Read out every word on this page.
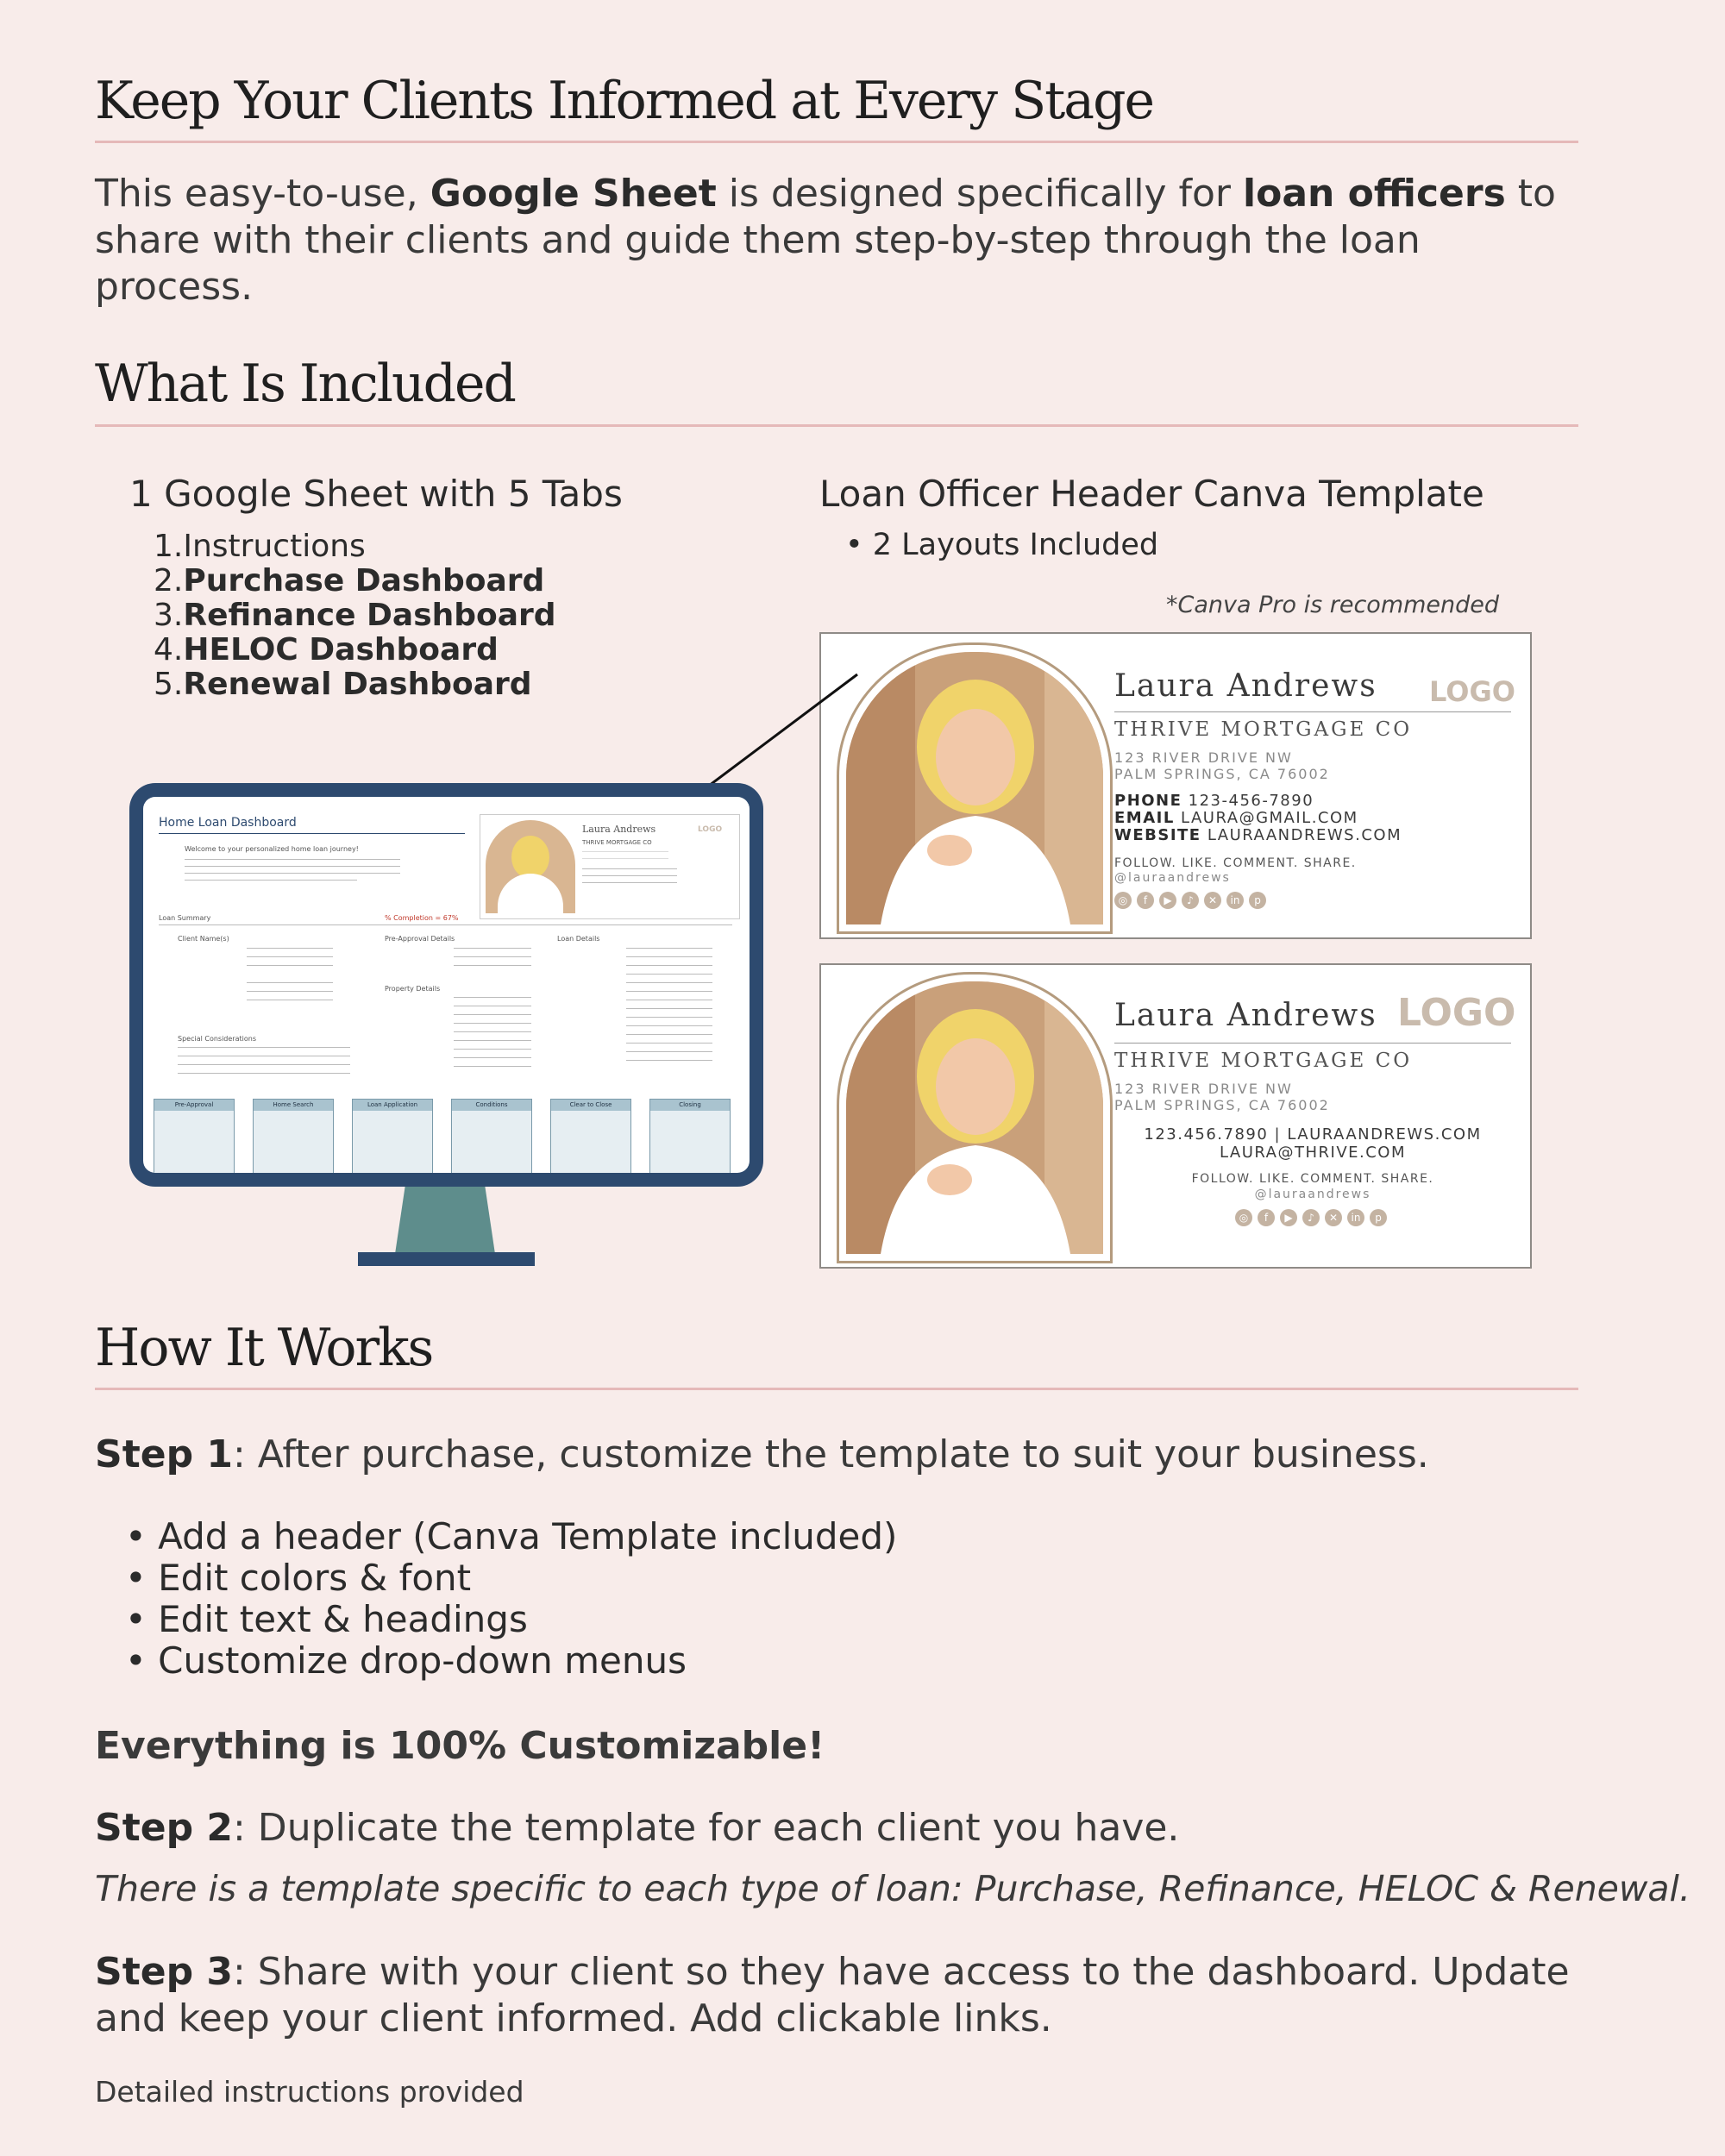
Keep Your Clients Informed at Every Stage
This easy-to-use, Google Sheet is designed specifically for loan officers to share with their clients and guide them step-by-step through the loan process.
What Is Included
1 Google Sheet with 5 Tabs
1.Instructions
2.Purchase Dashboard
3.Refinance Dashboard
4.HELOC Dashboard
5.Renewal Dashboard
Loan Officer Header Canva Template
• 2 Layouts Included
*Canva Pro is recommended
Laura Andrews LOGO
THRIVE MORTGAGE CO
123 RIVER DRIVE NW
PALM SPRINGS, CA 76002
PHONE 123-456-7890
EMAIL LAURA@GMAIL.COM
WEBSITE LAURAANDREWS.COM
FOLLOW. LIKE. COMMENT. SHARE.
@lauraandrews
◎ f ▶ ♪ ✕ in p
Laura Andrews LOGO
THRIVE MORTGAGE CO
123 RIVER DRIVE NW
PALM SPRINGS, CA 76002
123.456.7890 | LAURAANDREWS.COM
LAURA@THRIVE.COM
FOLLOW. LIKE. COMMENT. SHARE.
@lauraandrews
◎ f ▶ ♪ ✕ in p
Home Loan Dashboard
Welcome to your personalized home loan journey!
Laura Andrews	LOGO
THRIVE MORTGAGE CO
Loan Summary	% Completion = 67%
Client Name(s)	Pre-Approval Details	Loan Details
Property Details
Special Considerations
Pre-Approval	Home Search	Loan Application	Conditions	Clear to Close	Closing
How It Works
Step 1: After purchase, customize the template to suit your business.
• Add a header (Canva Template included)
• Edit colors & font
• Edit text & headings
• Customize drop-down menus
Everything is 100% Customizable!
Step 2: Duplicate the template for each client you have.
There is a template specific to each type of loan: Purchase, Refinance, HELOC & Renewal.
Step 3: Share with your client so they have access to the dashboard. Update and keep your client informed. Add clickable links.
Detailed instructions provided
